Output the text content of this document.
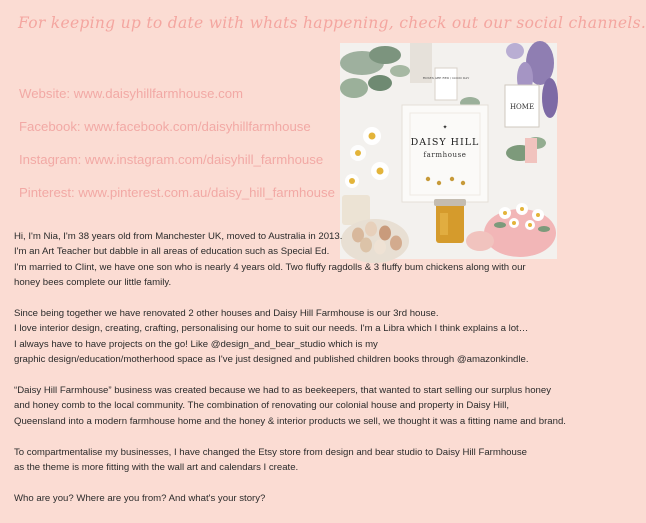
For keeping up to date with whats happening, check out our social channels.
Website: www.daisyhillfarmhouse.com
Facebook: www.facebook.com/daisyhillfarmhouse
Instagram: www.instagram.com/daisyhill_farmhouse
Pinterest: www.pinterest.com.au/daisy_hill_farmhouse
ROSES ARE RED / GOOD DAY
HOME
✦
DAISY HILL
farmhouse

Hi, I'm Nia, I'm 38 years old from Manchester UK, moved to Australia in 2013.
I'm an Art Teacher but dabble in all areas of education such as Special Ed.
I'm married to Clint, we have one son who is nearly 4 years old. Two fluffy ragdolls & 3 fluffy bum chickens along with our
honey bees complete our little family.

Since being together we have renovated 2 other houses and Daisy Hill Farmhouse is our 3rd house.
I love interior design, creating, crafting, personalising our home to suit our needs. I'm a Libra which I think explains a lot…
I always have to have projects on the go! Like @design_and_bear_studio which is my
graphic design/education/motherhood space as I've just designed and published children books through @amazonkindle.

“Daisy Hill Farmhouse” business was created because we had to as beekeepers, that wanted to start selling our surplus honey
and honey comb to the local community. The combination of renovating our colonial house and property in Daisy Hill,
Queensland into a modern farmhouse home and the honey & interior products we sell, we thought it was a fitting name and brand.

To compartmentalise my businesses, I have changed the Etsy store from design and bear studio to Daisy Hill Farmhouse
as the theme is more fitting with the wall art and calendars I create.

Who are you? Where are you from? And what's your story?
